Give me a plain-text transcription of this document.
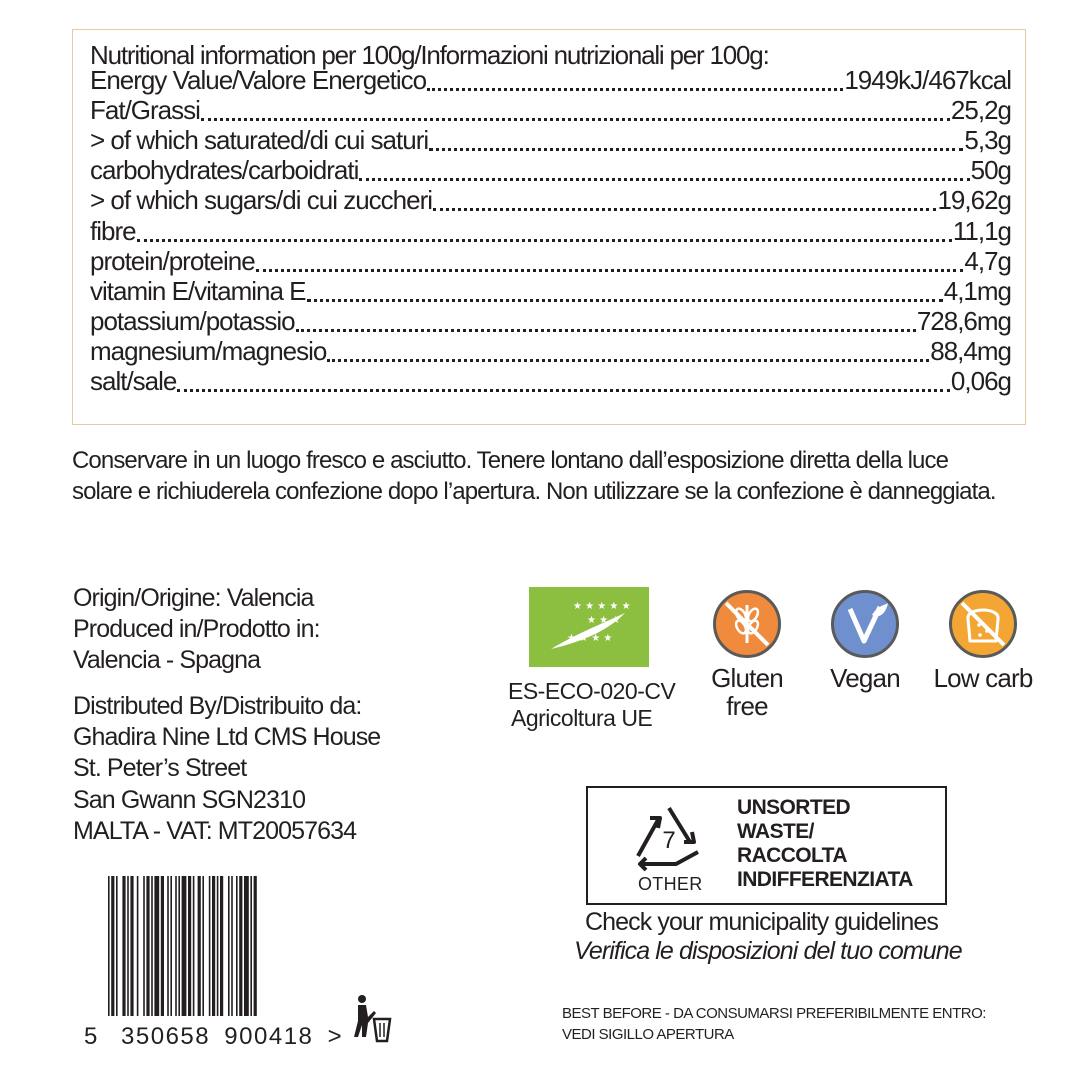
Nutritional information per 100g/Informazioni nutrizionali per 100g:
Energy Value/Valore Energetico	1949kJ/467kcal
Fat/Grassi	25,2g
> of which saturated/di cui saturi	5,3g
carbohydrates/carboidrati	50g
> of which sugars/di cui zuccheri	19,62g
fibre	11,1g
protein/proteine	4,7g
vitamin E/vitamina E	4,1mg
potassium/potassio	728,6mg
magnesium/magnesio	88,4mg
salt/sale	0,06g
Conservare in un luogo fresco e asciutto. Tenere lontano dall’esposizione diretta della luce
solare e richiuderela confezione dopo l’apertura. Non utilizzare se la confezione è danneggiata.
Origin/Origine: Valencia
Produced in/Prodotto in:
Valencia - Spagna
Distributed By/Distribuito da:
Ghadira Nine Ltd CMS House
St. Peter’s Street
San Gwann SGN2310
MALTA - VAT: MT20057634
★ ★ ★ ★ ★
★ ★ ★
★ ★ ★ ★
ES-ECO-020-CV
Agricoltura UE
Gluten
free
Vegan	Low carb
7
OTHER
UNSORTED
WASTE/
RACCOLTA
INDIFFERENZIATA
Check your municipality guidelines
Verifica le disposizioni del tuo comune
BEST BEFORE - DA CONSUMARSI PREFERIBILMENTE ENTRO:
VEDI SIGILLO APERTURA
5 350658 900418 >
